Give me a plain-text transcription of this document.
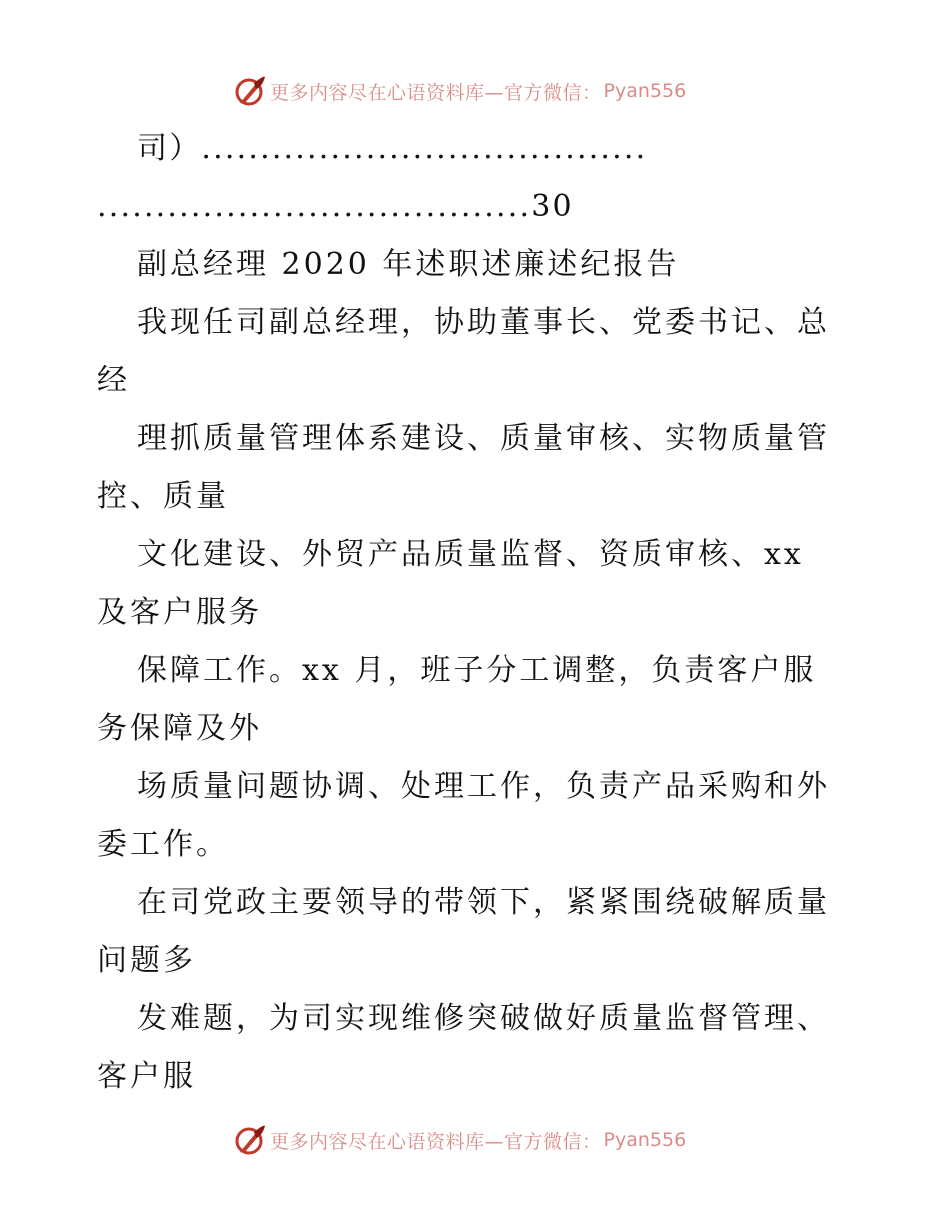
更多内容尽在心语资料库—官方微信： Pyan556
司）......................................
.....................................30
副总经理 2020 年述职述廉述纪报告
我现任司副总经理，协助董事长、党委书记、总
经
理抓质量管理体系建设、质量审核、实物质量管
控、质量
文化建设、外贸产品质量监督、资质审核、xx
及客户服务
保障工作。xx 月，班子分工调整，负责客户服
务保障及外
场质量问题协调、处理工作，负责产品采购和外
委工作。
在司党政主要领导的带领下，紧紧围绕破解质量
问题多
发难题，为司实现维修突破做好质量监督管理、
客户服
更多内容尽在心语资料库—官方微信： Pyan556
